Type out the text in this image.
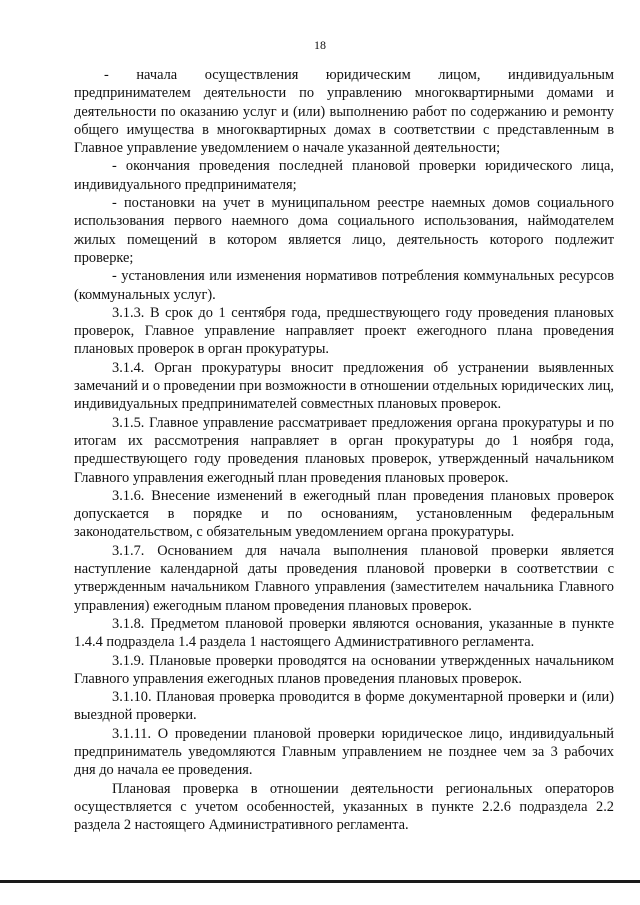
18

- начала осуществления юридическим лицом, индивидуальным предпринимателем деятельности по управлению многоквартирными домами и деятельности по оказанию услуг и (или) выполнению работ по содержанию и ремонту общего имущества в многоквартирных домах в соответствии с представленным в Главное управление уведомлением о начале указанной деятельности;

- окончания проведения последней плановой проверки юридического лица, индивидуального предпринимателя;

- постановки на учет в муниципальном реестре наемных домов социального использования первого наемного дома социального использования, наймодателем жилых помещений в котором является лицо, деятельность которого подлежит проверке;

- установления или изменения нормативов потребления коммунальных ресурсов (коммунальных услуг).

3.1.3. В срок до 1 сентября года, предшествующего году проведения плановых проверок, Главное управление направляет проект ежегодного плана проведения плановых проверок в орган прокуратуры.

3.1.4. Орган прокуратуры вносит предложения об устранении выявленных замечаний и о проведении при возможности в отношении отдельных юридических лиц, индивидуальных предпринимателей совместных плановых проверок.

3.1.5. Главное управление рассматривает предложения органа прокуратуры и по итогам их рассмотрения направляет в орган прокуратуры до 1 ноября года, предшествующего году проведения плановых проверок, утвержденный начальником Главного управления ежегодный план проведения плановых проверок.

3.1.6. Внесение изменений в ежегодный план проведения плановых проверок допускается в порядке и по основаниям, установленным федеральным законодательством, с обязательным уведомлением органа прокуратуры.

3.1.7. Основанием для начала выполнения плановой проверки является наступление календарной даты проведения плановой проверки в соответствии с утвержденным начальником Главного управления (заместителем начальника Главного управления) ежегодным планом проведения плановых проверок.

3.1.8. Предметом плановой проверки являются основания, указанные в пункте 1.4.4 подраздела 1.4 раздела 1 настоящего Административного регламента.

3.1.9. Плановые проверки проводятся на основании утвержденных начальником Главного управления ежегодных планов проведения плановых проверок.

3.1.10. Плановая проверка проводится в форме документарной проверки и (или) выездной проверки.

3.1.11. О проведении плановой проверки юридическое лицо, индивидуальный предприниматель уведомляются Главным управлением не позднее чем за 3 рабочих дня до начала ее проведения.

Плановая проверка в отношении деятельности региональных операторов осуществляется с учетом особенностей, указанных в пункте 2.2.6 подраздела 2.2 раздела 2 настоящего Административного регламента.
